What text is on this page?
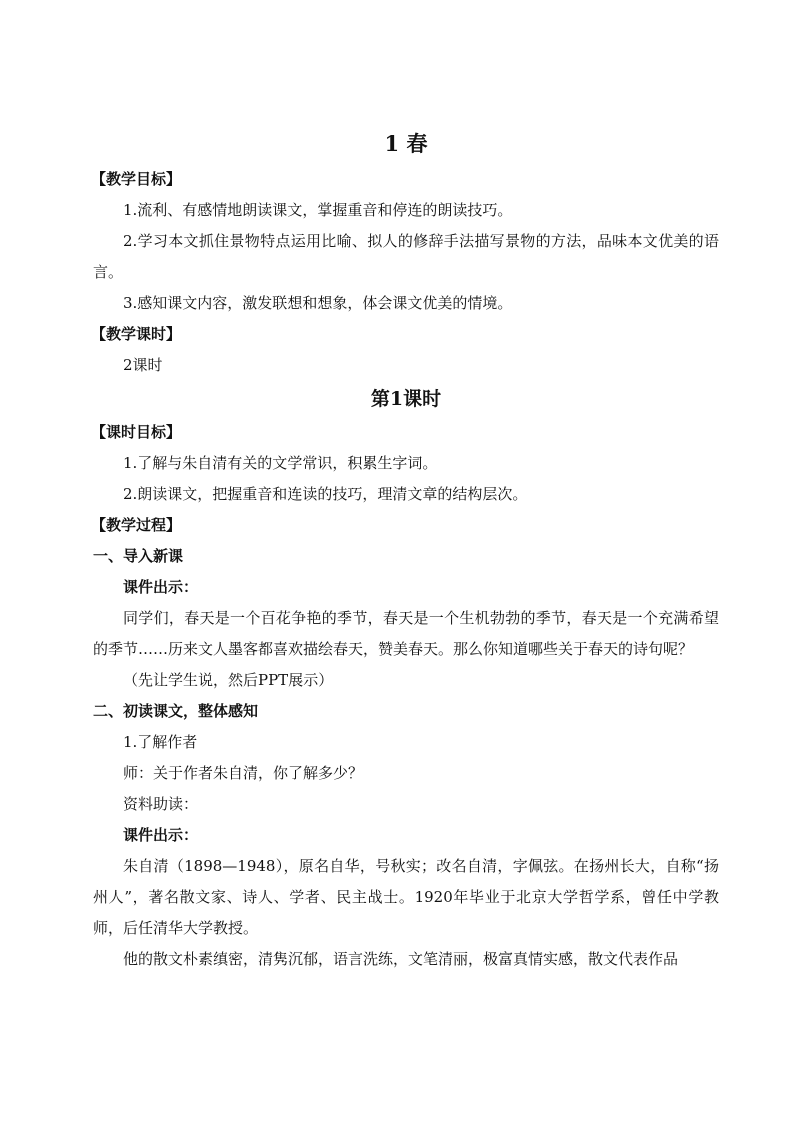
1 春
【教学目标】
1.流利、有感情地朗读课文，掌握重音和停连的朗读技巧。
2.学习本文抓住景物特点运用比喻、拟人的修辞手法描写景物的方法，品味本文优美的语言。
3.感知课文内容，激发联想和想象，体会课文优美的情境。
【教学课时】
2课时
第1课时
【课时目标】
1.了解与朱自清有关的文学常识，积累生字词。
2.朗读课文，把握重音和连读的技巧，理清文章的结构层次。
【教学过程】
一、导入新课
课件出示：
同学们，春天是一个百花争艳的季节，春天是一个生机勃勃的季节，春天是一个充满希望的季节……历来文人墨客都喜欢描绘春天，赞美春天。那么你知道哪些关于春天的诗句呢？
（先让学生说，然后PPT展示）
二、初读课文，整体感知
1.了解作者
师：关于作者朱自清，你了解多少？
资料助读：
课件出示：
朱自清（1898—1948），原名自华，号秋实；改名自清，字佩弦。在扬州长大，自称“扬州人”，著名散文家、诗人、学者、民主战士。1920年毕业于北京大学哲学系，曾任中学教师，后任清华大学教授。
他的散文朴素缜密，清隽沉郁，语言洗练，文笔清丽，极富真情实感，散文代表作品
